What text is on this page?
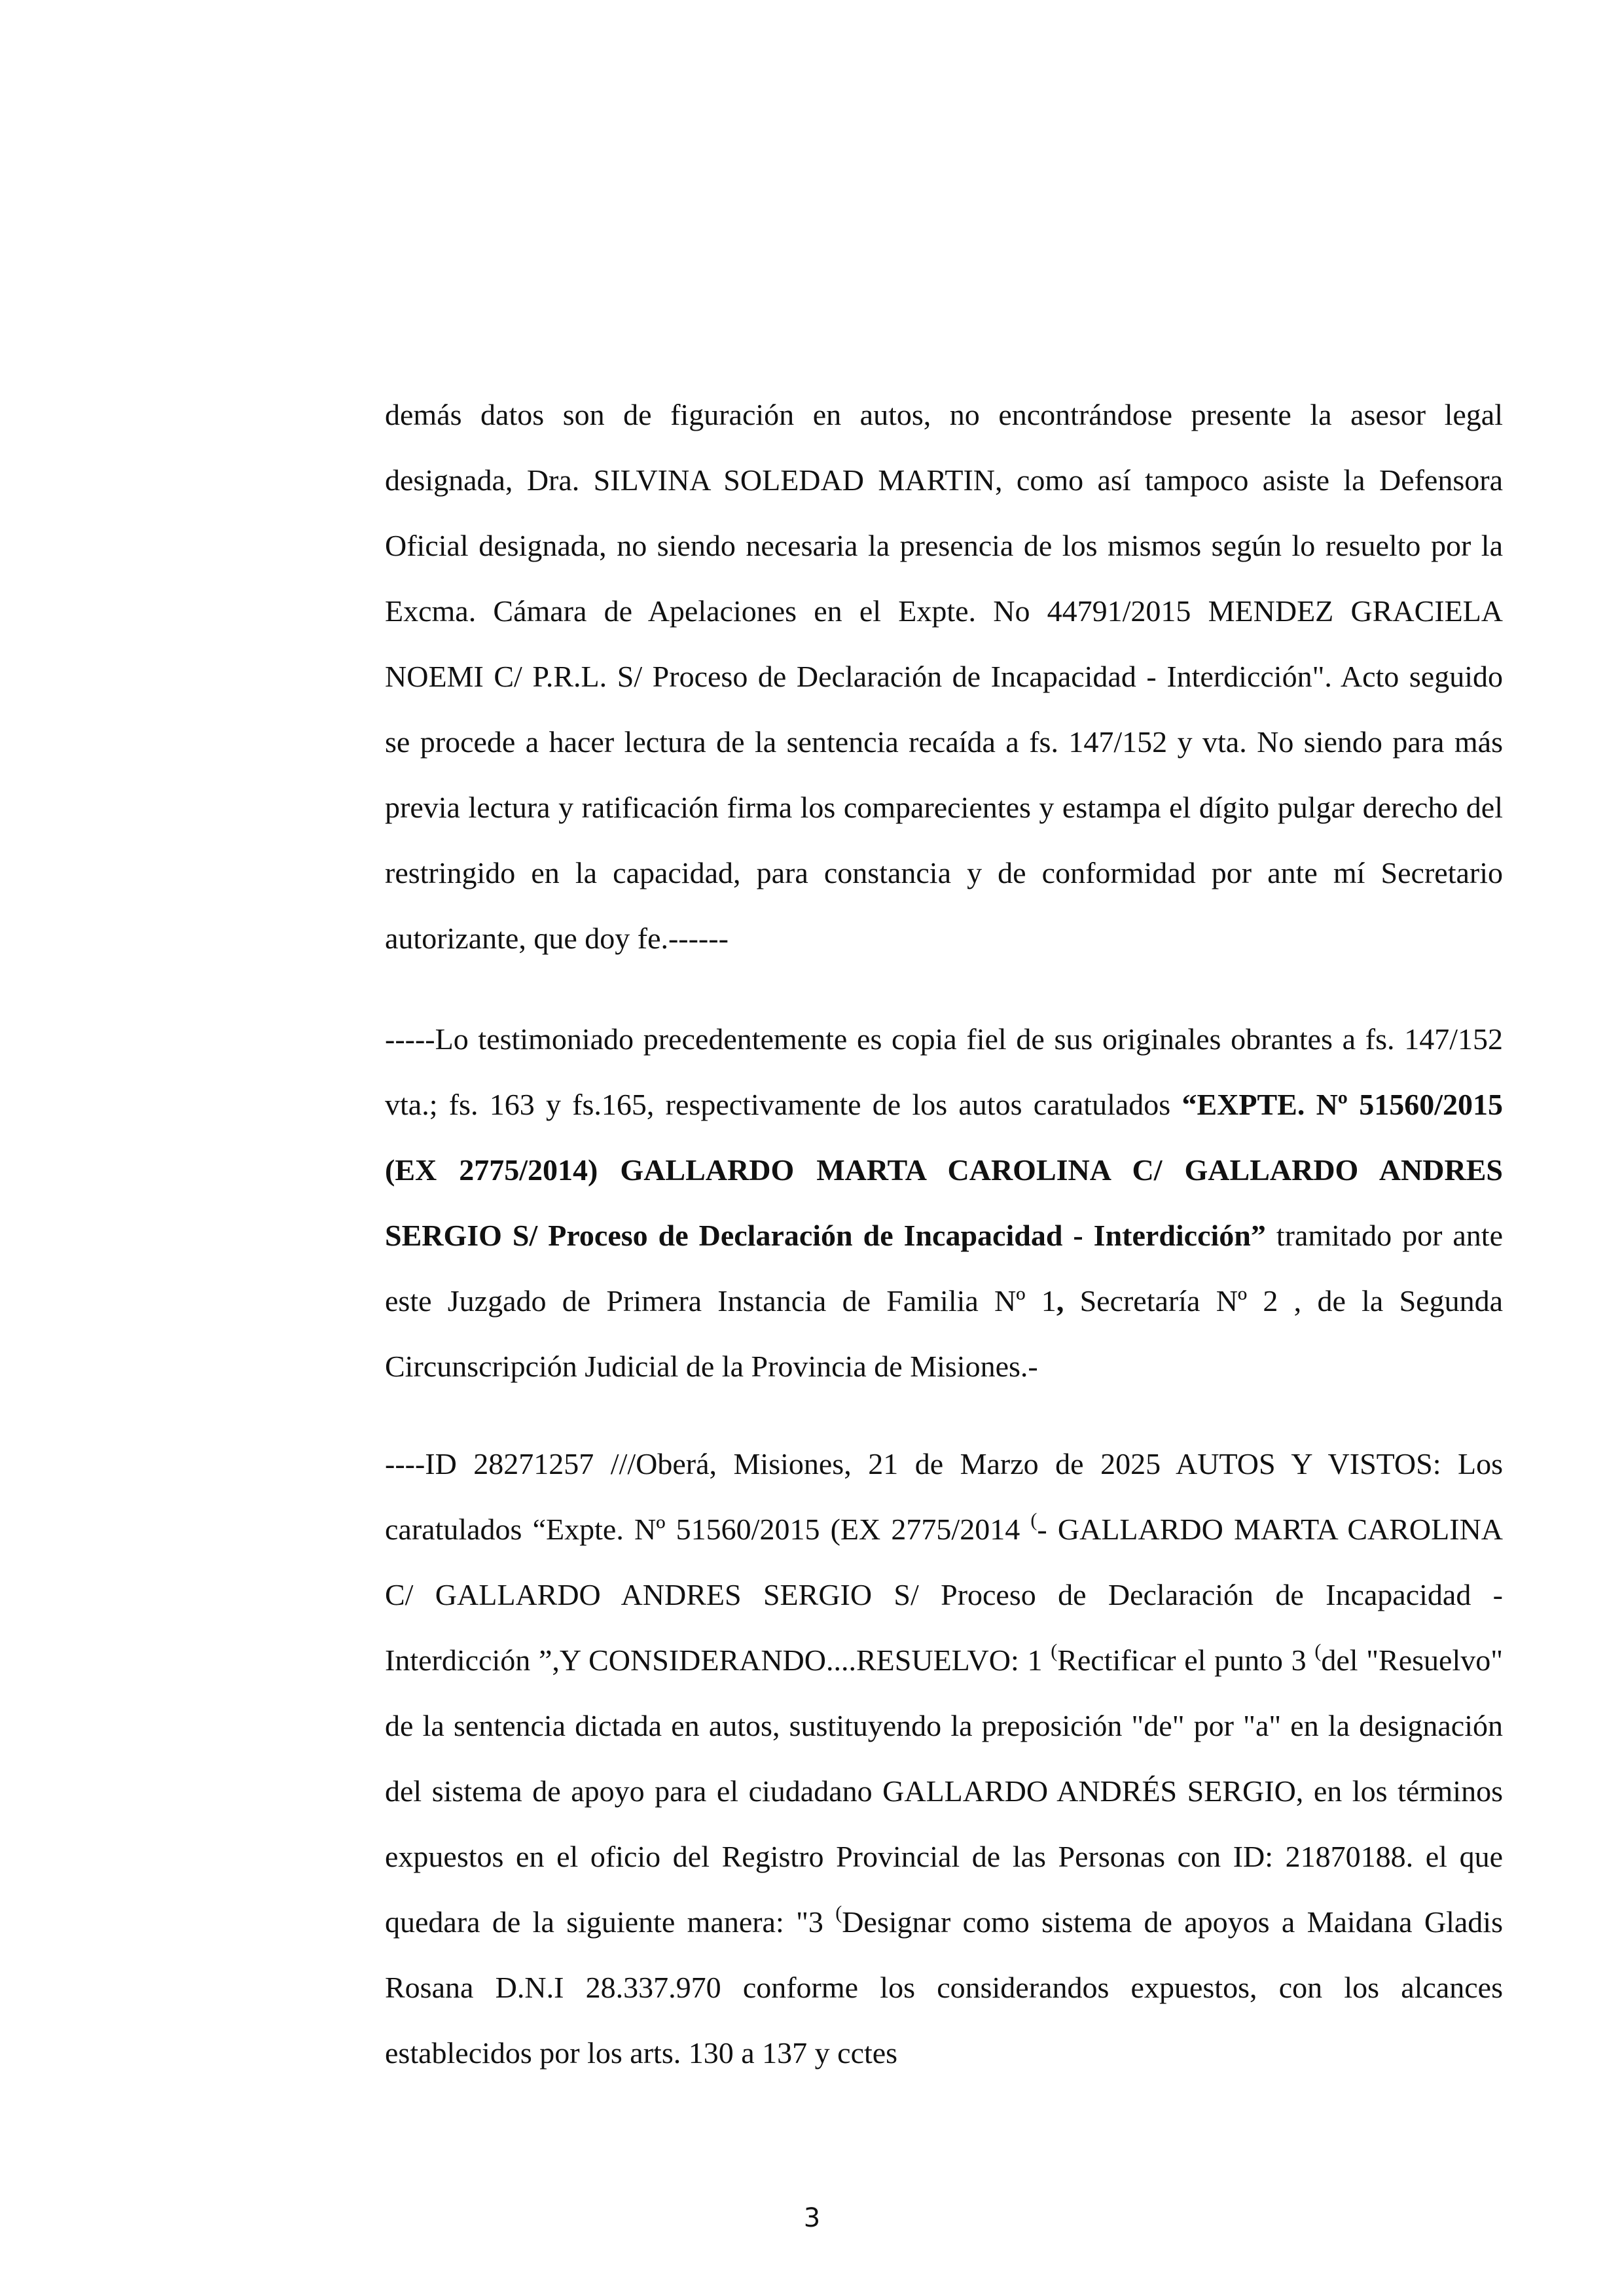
demás datos son de figuración en autos, no encontrándose presente la asesor legal designada, Dra. SILVINA SOLEDAD MARTIN, como así tampoco asiste la Defensora Oficial designada, no siendo necesaria la presencia de los mismos según lo resuelto por la Excma. Cámara de Apelaciones en el Expte. No 44791/2015 MENDEZ GRACIELA NOEMI C/ P.R.L. S/ Proceso de Declaración de Incapacidad - Interdicción". Acto seguido se procede a hacer lectura de la sentencia recaída a fs. 147/152 y vta. No siendo para más previa lectura y ratificación firma los comparecientes y estampa el dígito pulgar derecho del restringido en la capacidad, para constancia y de conformidad por ante mí Secretario autorizante, que doy fe.------

-----Lo testimoniado precedentemente es copia fiel de sus originales obrantes a fs. 147/152 vta.; fs. 163 y fs.165, respectivamente de los autos caratulados “EXPTE. Nº 51560/2015 (EX 2775/2014) GALLARDO MARTA CAROLINA C/ GALLARDO ANDRES SERGIO S/ Proceso de Declaración de Incapacidad - Interdicción” tramitado por ante este Juzgado de Primera Instancia de Familia Nº 1, Secretaría Nº 2 , de la Segunda Circunscripción Judicial de la Provincia de Misiones.-

----ID 28271257 ///Oberá, Misiones, 21 de Marzo de 2025 AUTOS Y VISTOS: Los caratulados “Expte. Nº 51560/2015 (EX 2775/2014 (- GALLARDO MARTA CAROLINA C/ GALLARDO ANDRES SERGIO S/ Proceso de Declaración de Incapacidad - Interdicción ”,Y CONSIDERANDO....RESUELVO: 1 (Rectificar el punto 3 (del "Resuelvo" de la sentencia dictada en autos, sustituyendo la preposición "de" por "a" en la designación del sistema de apoyo para el ciudadano GALLARDO ANDRÉS SERGIO, en los términos expuestos en el oficio del Registro Provincial de las Personas con ID: 21870188. el que quedara de la siguiente manera: "3 (Designar como sistema de apoyos a Maidana Gladis Rosana D.N.I 28.337.970 conforme los considerandos expuestos, con los alcances establecidos por los arts. 130 a 137 y cctes

3
